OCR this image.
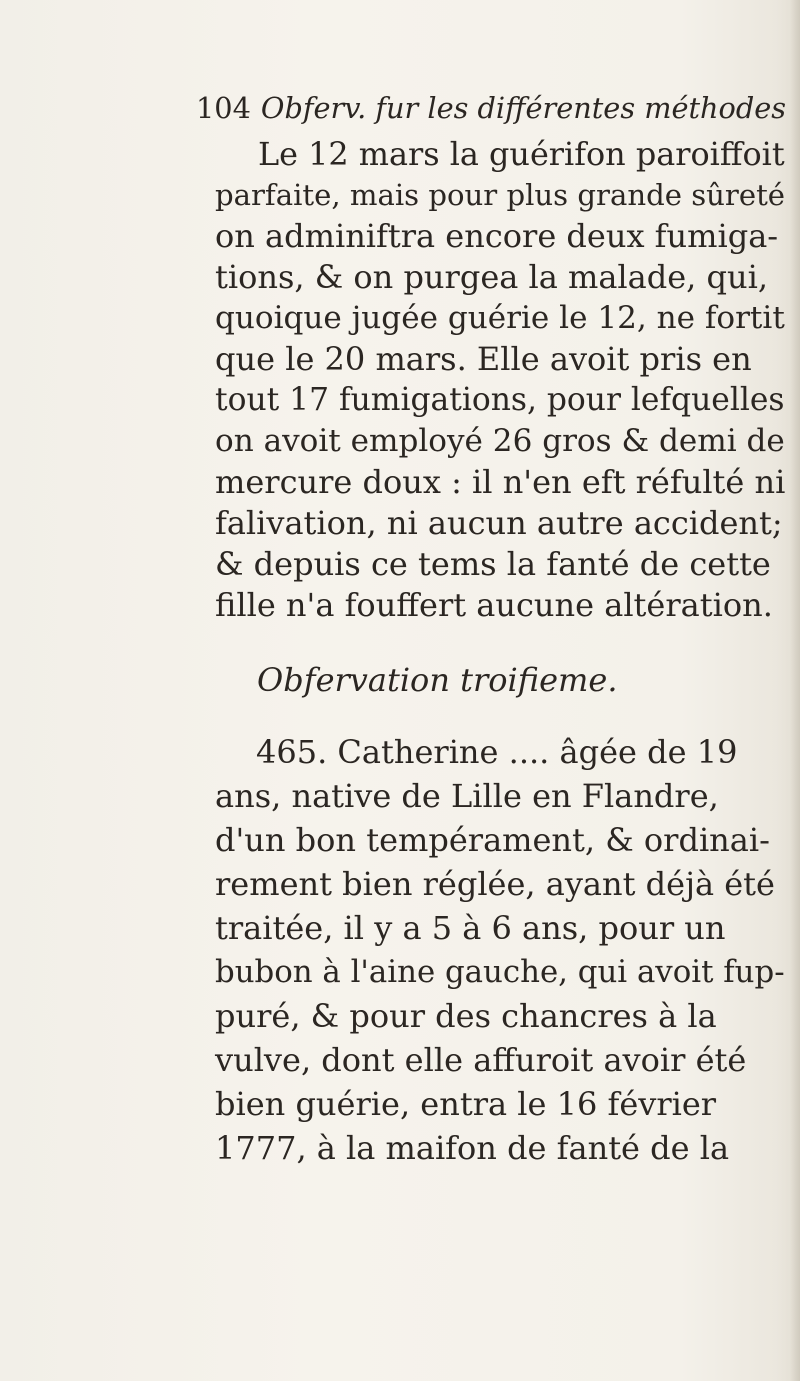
104 Obferv. fur les différentes méthodes
Le 12 mars la guérifon paroiffoit
parfaite, mais pour plus grande sûreté
on adminiftra encore deux fumiga-
tions, & on purgea la malade, qui,
quoique jugée guérie le 12, ne fortit
que le 20 mars. Elle avoit pris en
tout 17 fumigations, pour lefquelles
on avoit employé 26 gros & demi de
mercure doux : il n'en eft réfulté ni
falivation, ni aucun autre accident;
& depuis ce tems la fanté de cette
fille n'a fouffert aucune altération.
Obfervation troifieme.
465. Catherine .... âgée de 19
ans, native de Lille en Flandre,
d'un bon tempérament, & ordinai-
rement bien réglée, ayant déjà été
traitée, il y a 5 à 6 ans, pour un
bubon à l'aine gauche, qui avoit fup-
puré, & pour des chancres à la
vulve, dont elle affuroit avoir été
bien guérie, entra le 16 février
1777, à la maifon de fanté de la
